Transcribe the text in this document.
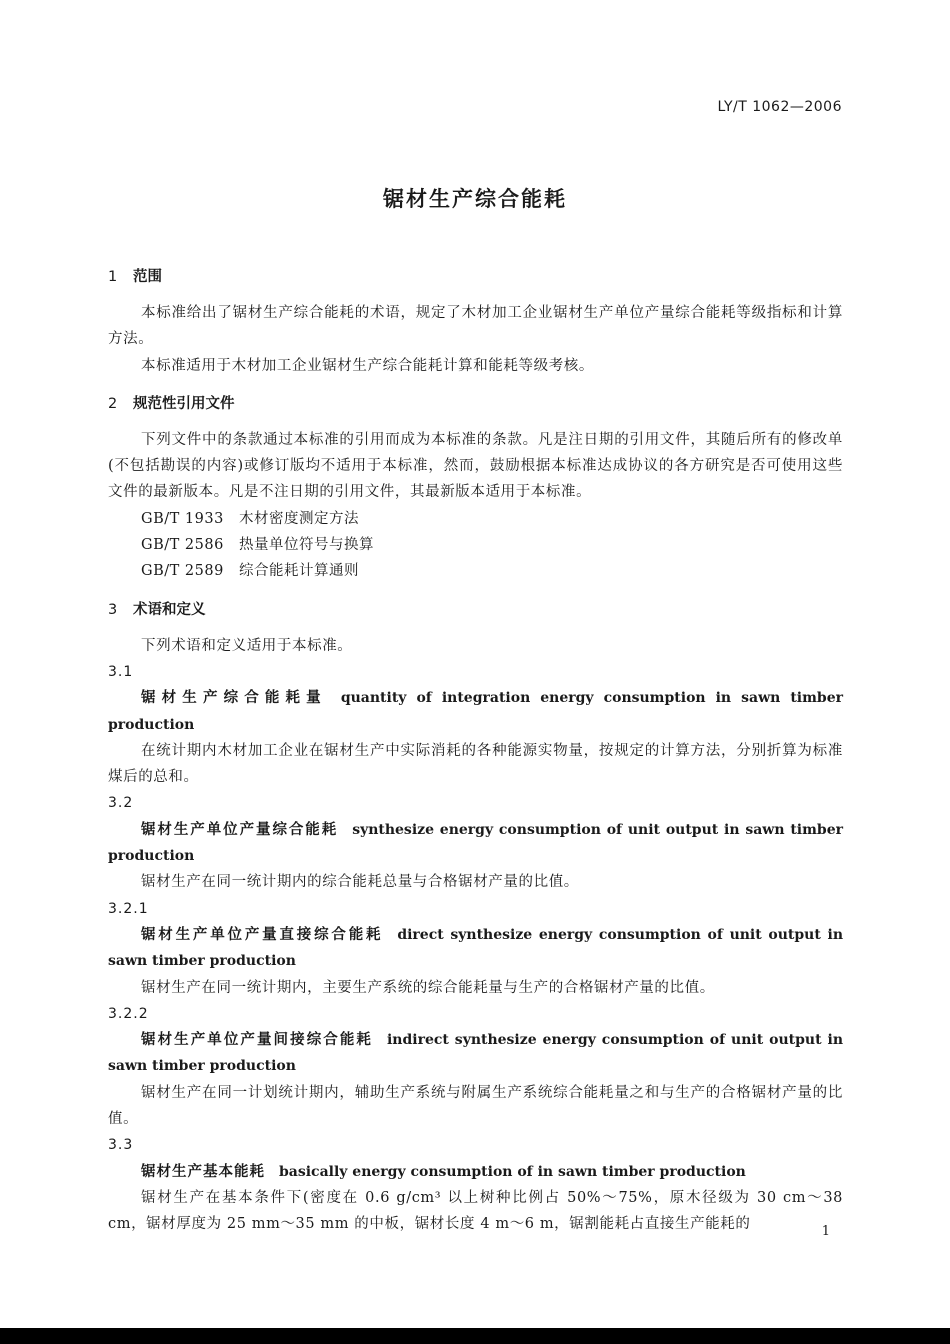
LY/T 1062—2006
锯材生产综合能耗
1 范围
本标准给出了锯材生产综合能耗的术语，规定了木材加工企业锯材生产单位产量综合能耗等级指标和计算方法。
本标准适用于木材加工企业锯材生产综合能耗计算和能耗等级考核。
2 规范性引用文件
下列文件中的条款通过本标准的引用而成为本标准的条款。凡是注日期的引用文件，其随后所有的修改单(不包括勘误的内容)或修订版均不适用于本标准，然而，鼓励根据本标准达成协议的各方研究是否可使用这些文件的最新版本。凡是不注日期的引用文件，其最新版本适用于本标准。
GB/T 1933 木材密度测定方法
GB/T 2586 热量单位符号与换算
GB/T 2589 综合能耗计算通则
3 术语和定义
下列术语和定义适用于本标准。
3.1
锯材生产综合能耗量 quantity of integration energy consumption in sawn timber production
在统计期内木材加工企业在锯材生产中实际消耗的各种能源实物量，按规定的计算方法，分别折算为标准煤后的总和。
3.2
锯材生产单位产量综合能耗 synthesize energy consumption of unit output in sawn timber production
锯材生产在同一统计期内的综合能耗总量与合格锯材产量的比值。
3.2.1
锯材生产单位产量直接综合能耗 direct synthesize energy consumption of unit output in sawn timber production
锯材生产在同一统计期内，主要生产系统的综合能耗量与生产的合格锯材产量的比值。
3.2.2
锯材生产单位产量间接综合能耗 indirect synthesize energy consumption of unit output in sawn timber production
锯材生产在同一计划统计期内，辅助生产系统与附属生产系统综合能耗量之和与生产的合格锯材产量的比值。
3.3
锯材生产基本能耗 basically energy consumption of in sawn timber production
锯材生产在基本条件下(密度在 0.6 g/cm³ 以上树种比例占 50%～75%，原木径级为 30 cm～38 cm，锯材厚度为 25 mm～35 mm 的中板，锯材长度 4 m～6 m，锯割能耗占直接生产能耗的	1
